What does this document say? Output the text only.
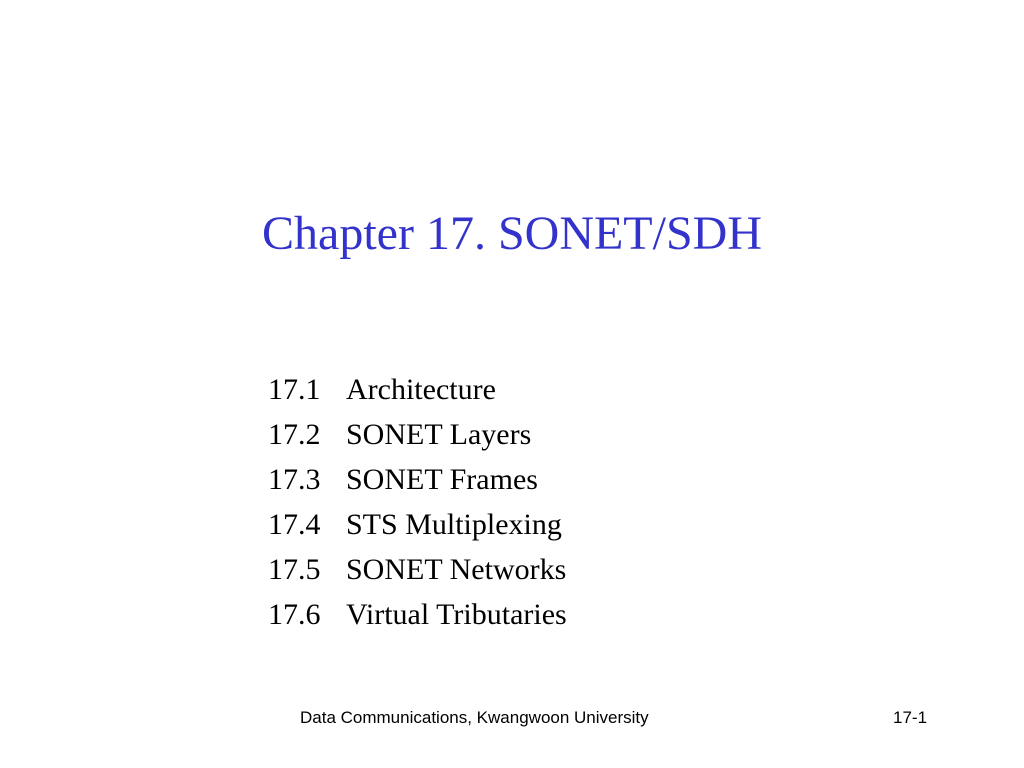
Chapter 17. SONET/SDH
17.1 Architecture
17.2 SONET Layers
17.3 SONET Frames
17.4 STS Multiplexing
17.5 SONET Networks
17.6 Virtual Tributaries
Data Communications, Kwangwoon University	17-1
